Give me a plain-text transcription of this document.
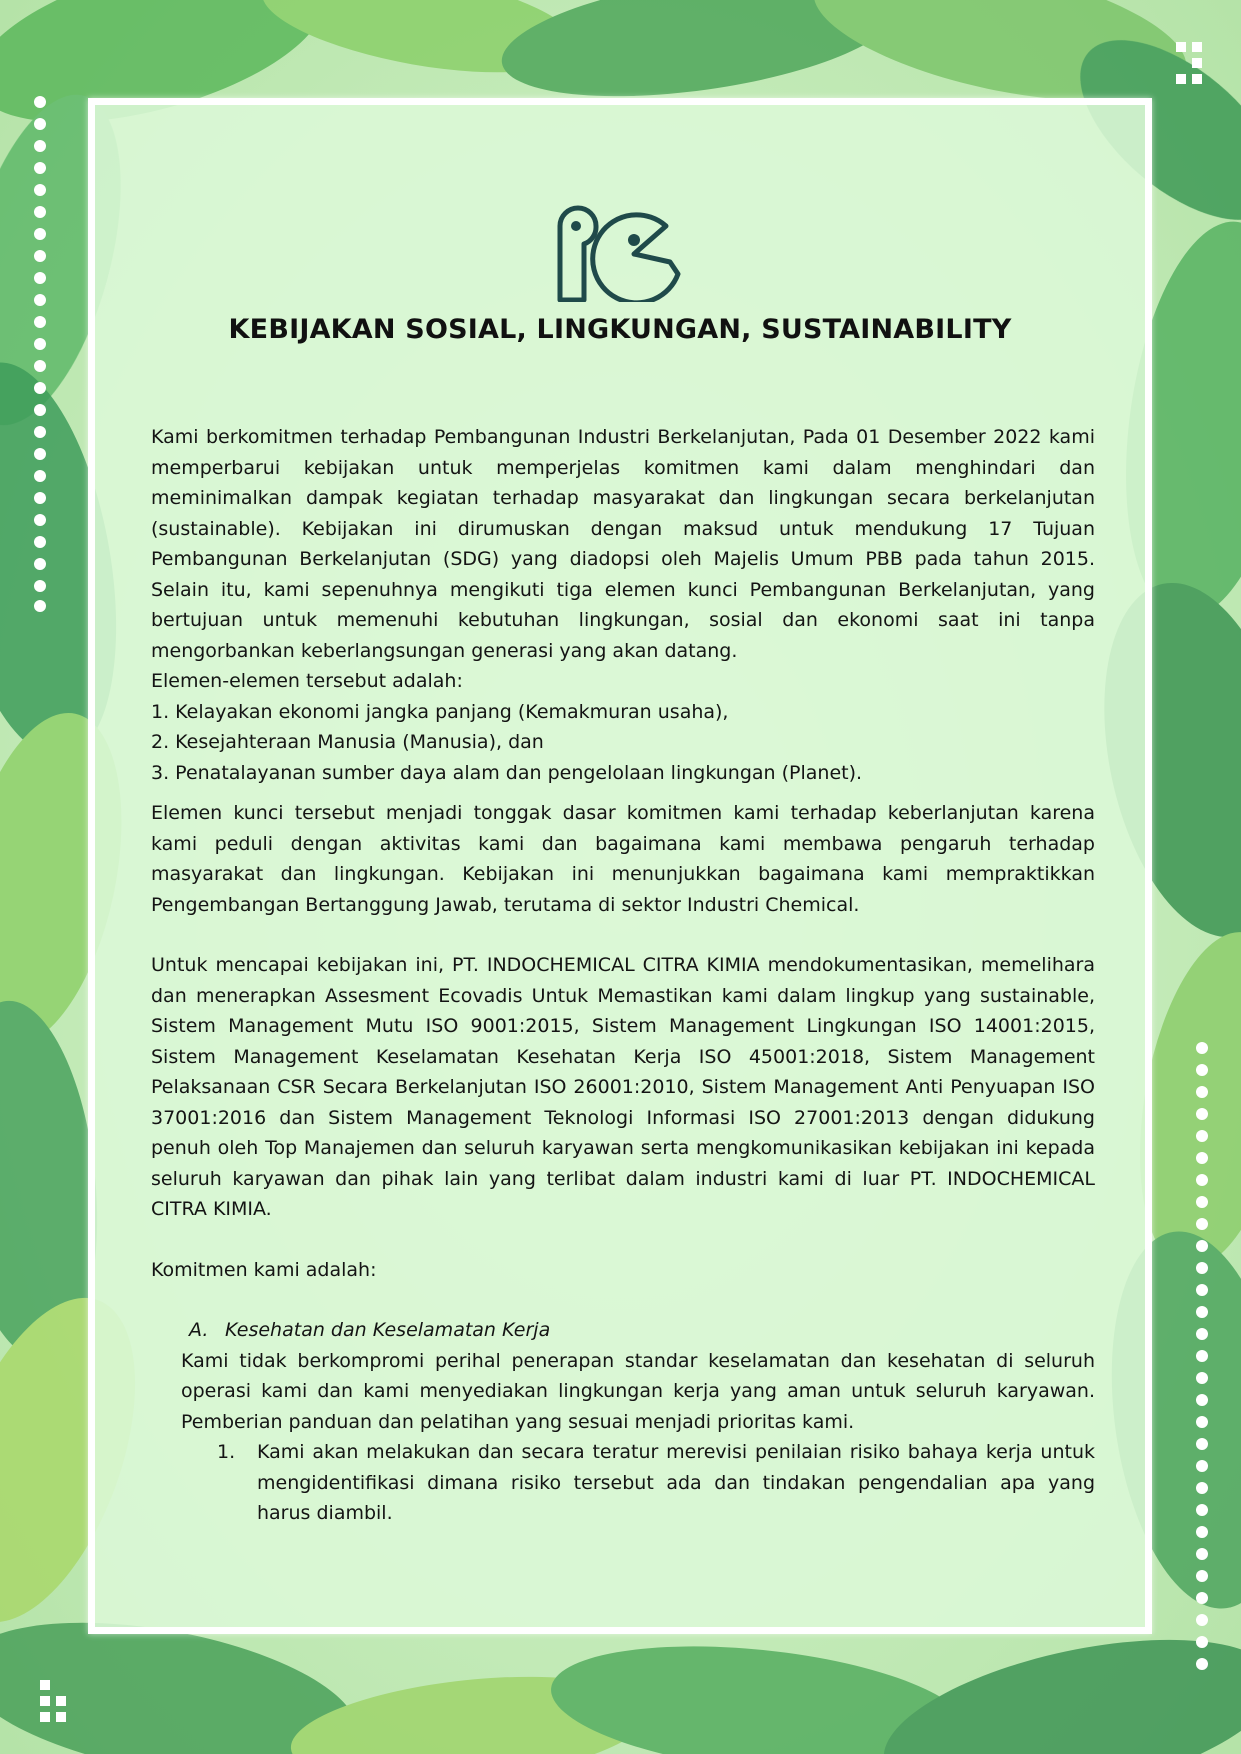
KEBIJAKAN SOSIAL, LINGKUNGAN, SUSTAINABILITY

Kami berkomitmen terhadap Pembangunan Industri Berkelanjutan, Pada 01 Desember 2022 kami memperbarui kebijakan untuk memperjelas komitmen kami dalam menghindari dan meminimalkan dampak kegiatan terhadap masyarakat dan lingkungan secara berkelanjutan (sustainable). Kebijakan ini dirumuskan dengan maksud untuk mendukung 17 Tujuan Pembangunan Berkelanjutan (SDG) yang diadopsi oleh Majelis Umum PBB pada tahun 2015. Selain itu, kami sepenuhnya mengikuti tiga elemen kunci Pembangunan Berkelanjutan, yang bertujuan untuk memenuhi kebutuhan lingkungan, sosial dan ekonomi saat ini tanpa mengorbankan keberlangsungan generasi yang akan datang.

Elemen-elemen tersebut adalah:

1. Kelayakan ekonomi jangka panjang (Kemakmuran usaha),

2. Kesejahteraan Manusia (Manusia), dan

3. Penatalayanan sumber daya alam dan pengelolaan lingkungan (Planet).

Elemen kunci tersebut menjadi tonggak dasar komitmen kami terhadap keberlanjutan karena kami peduli dengan aktivitas kami dan bagaimana kami membawa pengaruh terhadap masyarakat dan lingkungan. Kebijakan ini menunjukkan bagaimana kami mempraktikkan Pengembangan Bertanggung Jawab, terutama di sektor Industri Chemical.

Untuk mencapai kebijakan ini, PT. INDOCHEMICAL CITRA KIMIA mendokumentasikan, memelihara dan menerapkan Assesment Ecovadis Untuk Memastikan kami dalam lingkup yang sustainable, Sistem Management Mutu ISO 9001:2015, Sistem Management Lingkungan ISO 14001:2015, Sistem Management Keselamatan Kesehatan Kerja ISO 45001:2018, Sistem Management Pelaksanaan CSR Secara Berkelanjutan ISO 26001:2010, Sistem Management Anti Penyuapan ISO 37001:2016 dan Sistem Management Teknologi Informasi ISO 27001:2013 dengan didukung penuh oleh Top Manajemen dan seluruh karyawan serta mengkomunikasikan kebijakan ini kepada seluruh karyawan dan pihak lain yang terlibat dalam industri kami di luar PT. INDOCHEMICAL CITRA KIMIA.

Komitmen kami adalah:

A. Kesehatan dan Keselamatan Kerja

Kami tidak berkompromi perihal penerapan standar keselamatan dan kesehatan di seluruh operasi kami dan kami menyediakan lingkungan kerja yang aman untuk seluruh karyawan. Pemberian panduan dan pelatihan yang sesuai menjadi prioritas kami.

1.	Kami akan melakukan dan secara teratur merevisi penilaian risiko bahaya kerja untuk mengidentifikasi dimana risiko tersebut ada dan tindakan pengendalian apa yang harus diambil.
